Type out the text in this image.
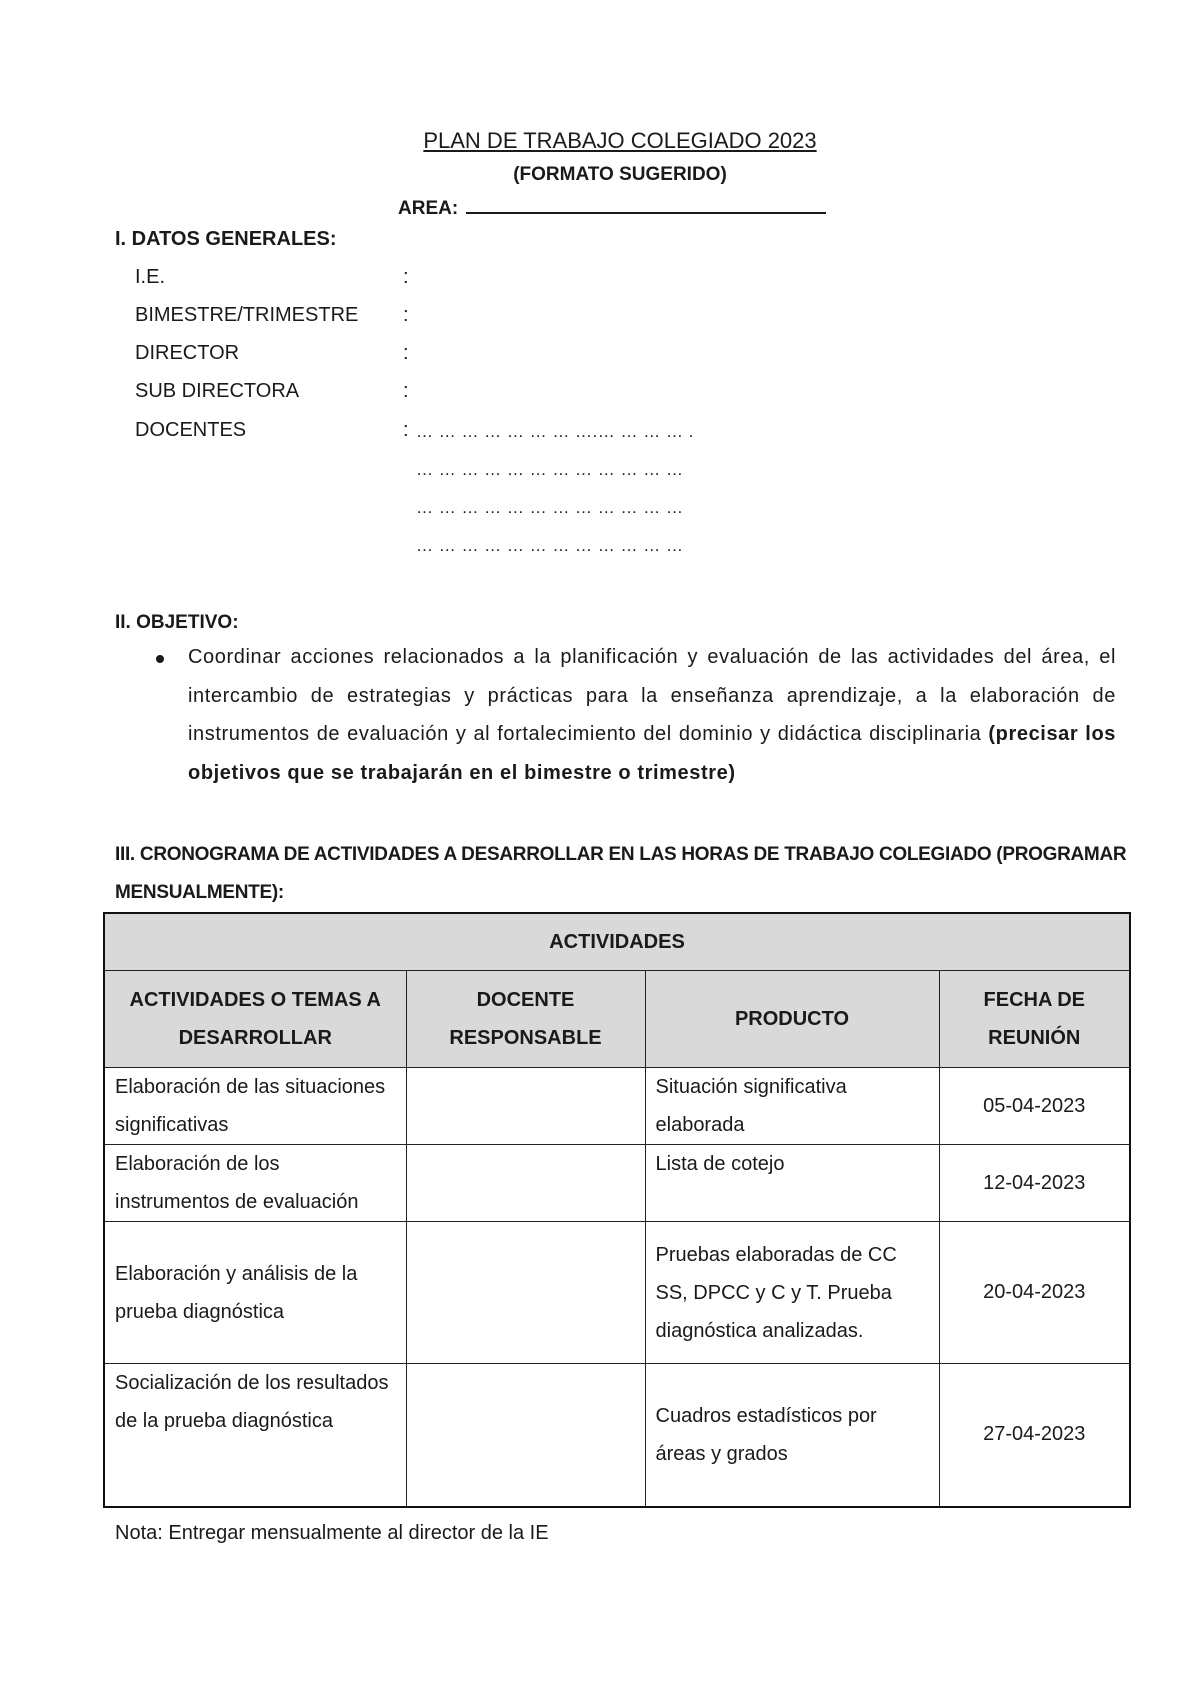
PLAN DE TRABAJO COLEGIADO 2023
(FORMATO SUGERIDO)
AREA:
I. DATOS GENERALES:
I.E.	:
BIMESTRE/TRIMESTRE :
DIRECTOR	:
SUB DIRECTORA	:
DOCENTES	: … … … … … … … ….… … … … .
… … … … … … … … … … … …
… … … … … … … … … … … …
… … … … … … … … … … … …
II. OBJETIVO:
Coordinar acciones relacionados a la planificación y evaluación de las actividades del área, el intercambio de estrategias y prácticas para la enseñanza aprendizaje, a la elaboración de instrumentos de evaluación y al fortalecimiento del dominio y didáctica disciplinaria (precisar los objetivos que se trabajarán en el bimestre o trimestre)
III. CRONOGRAMA DE ACTIVIDADES A DESARROLLAR EN LAS HORAS DE TRABAJO COLEGIADO (PROGRAMAR MENSUALMENTE):
ACTIVIDADES			
ACTIVIDADES O TEMAS A DESARROLLAR	DOCENTE RESPONSABLE	PRODUCTO	FECHA DE REUNIÓN
Elaboración de las situaciones significativas		Situación significativa elaborada	05-04-2023
Elaboración de los instrumentos de evaluación		Lista de cotejo	12-04-2023
Elaboración y análisis de la prueba diagnóstica		Pruebas elaboradas de CC SS, DPCC y C y T. Prueba diagnóstica analizadas.	20-04-2023
Socialización de los resultados de la prueba diagnóstica		Cuadros estadísticos por áreas y grados	27-04-2023
Nota: Entregar mensualmente al director de la IE
